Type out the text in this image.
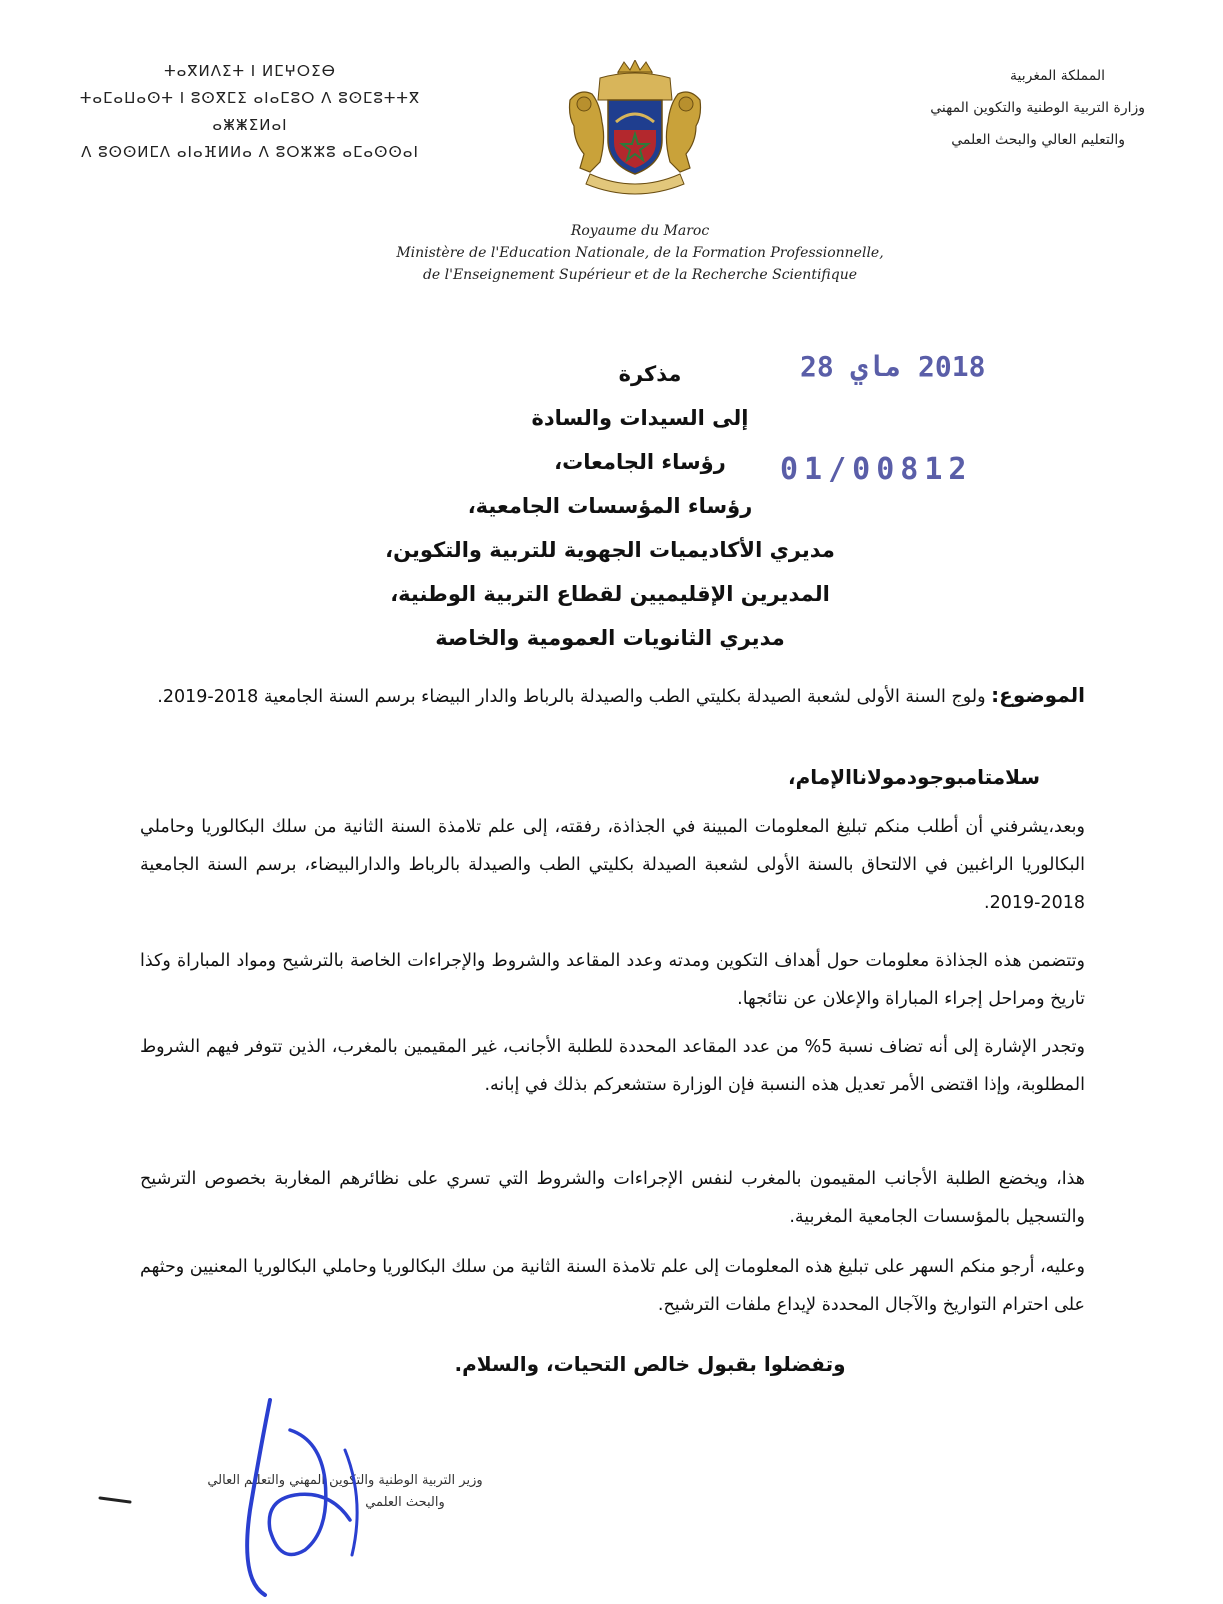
ⵜⴰⴳⵍⴷⵉⵜ ⵏ ⵍⵎⵖⵔⵉⴱ
ⵜⴰⵎⴰⵡⴰⵙⵜ ⵏ ⵓⵙⴳⵎⵉ ⴰⵏⴰⵎⵓⵔ ⴷ ⵓⵙⵎⵓⵜⵜⴳ ⴰⵥⵥⵉⵍⴰⵏ
ⴷ ⵓⵙⵙⵍⵎⴷ ⴰⵏⴰⴼⵍⵍⴰ ⴷ ⵓⵔⵣⵣⵓ ⴰⵎⴰⵙⵙⴰⵏ
المملكة المغربية
وزارة التربية الوطنية والتكوين المهني
والتعليم العالي والبحث العلمي
Royaume du Maroc
Ministère de l'Education Nationale, de la Formation Professionnelle,
de l'Enseignement Supérieur et de la Recherche Scientifique
2018 ماي 28
01/00812
مذكرة
إلى السيدات والسادة
رؤساء الجامعات،
رؤساء المؤسسات الجامعية،
مديري الأكاديميات الجهوية للتربية والتكوين،
المديرين الإقليميين لقطاع التربية الوطنية،
مديري الثانويات العمومية والخاصة
الموضوع: ولوج السنة الأولى لشعبة الصيدلة بكليتي الطب والصيدلة بالرباط والدار البيضاء برسم السنة الجامعية 2018-2019.
سلامتامبوجودمولاناالإمام،
وبعد،يشرفني أن أطلب منكم تبليغ المعلومات المبينة في الجذاذة، رفقته، إلى علم تلامذة السنة الثانية من سلك البكالوريا وحاملي البكالوريا الراغبين في الالتحاق بالسنة الأولى لشعبة الصيدلة بكليتي الطب والصيدلة بالرباط والدارالبيضاء، برسم السنة الجامعية 2018-2019.
وتتضمن هذه الجذاذة معلومات حول أهداف التكوين ومدته وعدد المقاعد والشروط والإجراءات الخاصة بالترشيح ومواد المباراة وكذا تاريخ ومراحل إجراء المباراة والإعلان عن نتائجها.
وتجدر الإشارة إلى أنه تضاف نسبة 5% من عدد المقاعد المحددة للطلبة الأجانب، غير المقيمين بالمغرب، الذين تتوفر فيهم الشروط المطلوبة، وإذا اقتضى الأمر تعديل هذه النسبة فإن الوزارة ستشعركم بذلك في إبانه.
هذا، ويخضع الطلبة الأجانب المقيمون بالمغرب لنفس الإجراءات والشروط التي تسري على نظائرهم المغاربة بخصوص الترشيح والتسجيل بالمؤسسات الجامعية المغربية.
وعليه، أرجو منكم السهر على تبليغ هذه المعلومات إلى علم تلامذة السنة الثانية من سلك البكالوريا وحاملي البكالوريا المعنيين وحثهم على احترام التواريخ والآجال المحددة لإيداع ملفات الترشيح.
وتفضلوا بقبول خالص التحيات، والسلام.
وزير التربية الوطنية والتكوين المهني والتعليم العالي
والبحث العلمي
